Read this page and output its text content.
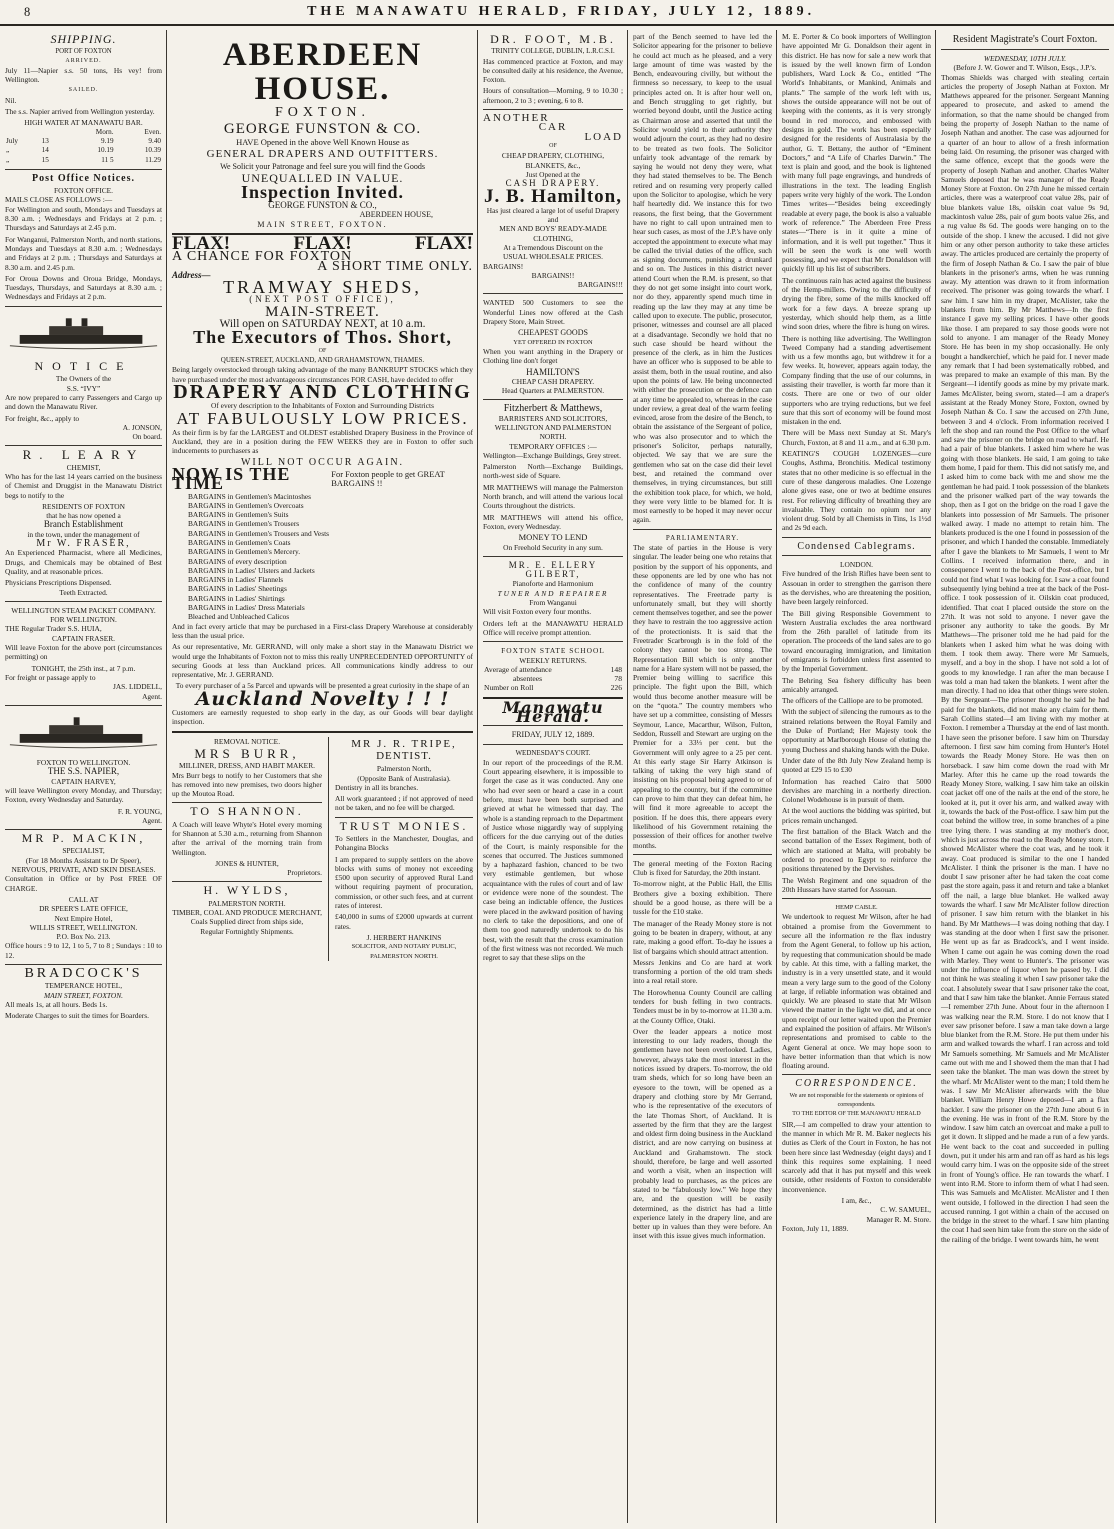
8	THE MANAWATU HERALD, FRIDAY, JULY 12, 1889.
SHIPPING.
PORT OF FOXTON
ARRIVED.

July 11—Napier s.s. 50 tons, Hs vey! from Wellington.

SAILED.

Nil.

The s.s. Napier arrived from Wellington yesterday.

HIGH WATER AT MANAWATU BAR.
		Morn.	Even.
July	13	9.19	9.40
„	14	10.19	10.39
„	15	11 5	11.29
Post Office Notices.
FOXTON OFFICE.
MAILS CLOSE AS FOLLOWS :—

For Wellington and south, Mondays and Tuesdays at 8.30 a.m. ; Wednesdays and Fridays at 2 p.m. ; Thursdays and Saturdays at 2.45 p.m.

For Wanganui, Palmerston North, and north stations, Mondays and Tuesdays at 8.30 a.m. ; Wednesdays and Fridays at 2 p.m. ; Thursdays and Saturdays at 8.30 a.m. and 2.45 p.m.

For Oroua Downs and Oroua Bridge, Mondays, Tuesdays, Thursdays, and Saturdays at 8.30 a.m. ; Wednesdays and Fridays at 2 p.m.

NOTICE
The Owners of the
S.S. “IVY”

Are now prepared to carry Passengers and Cargo up and down the Manawatu River.

For freight, &c., apply to
A. JONSON,
On board.
R. LEARY
CHEMIST,

Who has for the last 14 years carried on the business of Chemist and Druggist in the Manawatu District begs to notify to the

RESIDENTS OF FOXTON
that he has now opened a
Branch Establishment
in the town, under the management of
Mr W. FRASER,

An Experienced Pharmacist, where all Medicines, Drugs, and Chemicals may be obtained of Best Quality, and at reasonable prices.

Physicians Prescriptions Dispensed.
Teeth Extracted.
WELLINGTON STEAM PACKET COMPANY.
FOR WELLINGTON.
THE Regular Trader S.S. HUIA,
CAPTAIN FRASER.

Will leave Foxton for the above port (circumstances permitting) on

TONIGHT, the 25th inst., at 7 p.m.
For freight or passage apply to
JAS. LIDDELL,
Agent.
FOXTON TO WELLINGTON.
THE S.S. NAPIER,
CAPTAIN HARVEY,

will leave Wellington every Monday, and Thursday; Foxton, every Wednesday and Saturday.

F. R. YOUNG,
Agent.
MR P. MACKIN,
SPECIALIST,
(For 18 Months Assistant to Dr Speer),
NERVOUS, PRIVATE, AND SKIN DISEASES.

Consultation in Office or by Post FREE OF CHARGE.

CALL AT
DR SPEER'S LATE OFFICE,
Next Empire Hotel,
WILLIS STREET, WELLINGTON.
P.O. Box No. 213.

Office hours : 9 to 12, 1 to 5, 7 to 8 ; Sundays : 10 to 12.

BRADCOCK'S
TEMPERANCE HOTEL,
MAIN STREET, FOXTON.

All meals 1s, at all hours. Beds 1s.

Moderate Charges to suit the times for Boarders.

ABERDEEN HOUSE.
FOXTON.
GEORGE FUNSTON & CO.
HAVE Opened in the above Well Known House as
GENERAL DRAPERS AND OUTFITTERS.
We Solicit your Patronage and feel sure you will find the Goods
UNEQUALLED IN VALUE.
Inspection Invited.
GEORGE FUNSTON & CO.,
ABERDEEN HOUSE,
MAIN STREET, FOXTON.
FLAX!	FLAX!	FLAX!
A CHANCE FOR FOXTON
A SHORT TIME ONLY.
Address—
TRAMWAY SHEDS,
(NEXT POST OFFICE),
MAIN-STREET.
Will open on SATURDAY NEXT, at 10 a.m.
The Executors of Thos. Short,
OF
QUEEN-STREET, AUCKLAND, AND GRAHAMSTOWN, THAMES.

Being largely overstocked through taking advantage of the many BANKRUPT STOCKS which they have purchased under the most advantageous circumstances FOR CASH, have decided to offer

DRAPERY AND CLOTHING
Of every description to the Inhabitants of Foxton and Surrounding Districts
AT FABULOUSLY LOW PRICES.

As their firm is by far the LARGEST and OLDEST established Drapery Business in the Province of Auckland, they are in a position during the FEW WEEKS they are in Foxton to offer such inducements to purchasers as

WILL NOT OCCUR AGAIN.
NOW IS THE TIME	For Foxton people to get GREAT BARGAINS !!
BARGAINS in Gentlemen's Macintoshes
BARGAINS in Gentlemen's Overcoats
BARGAINS in Gentlemen's Suits
BARGAINS in Gentlemen's Trousers
BARGAINS in Gentlemen's Trousers and Vests
BARGAINS in Gentlemen's Coats
BARGAINS in Gentlemen's Mercery.
BARGAINS of every description
BARGAINS in Ladies' Ulsters and Jackets
BARGAINS in Ladies' Flannels
BARGAINS in Ladies' Sheetings
BARGAINS in Ladies' Shirtings
BARGAINS in Ladies' Dress Materials
Bleached and Unbleached Calicos

And in fact every article that may be purchased in a First-class Drapery Warehouse at considerably less than the usual price.

As our representative, Mr. GERRAND, will only make a short stay in the Manawatu District we would urge the Inhabitants of Foxton not to miss this really UNPRECEDENTED OPPORTUNITY of securing Goods at less than Auckland prices. All communications kindly address to our representative, Mr. J. GERRAND.

To every purchaser of a 5s Parcel and upwards will be presented a great curiosity in the shape of an
Auckland Novelty ! ! !

Customers are earnestly requested to shop early in the day, as our Goods will bear daylight inspection.

REMOVAL NOTICE.
MRS BURR,
MILLINER, DRESS, AND HABIT MAKER.

Mrs Burr begs to notify to her Customers that she has removed into new premises, two doors higher up the Moutoa Road.

TO SHANNON.

A Coach will leave Whyte's Hotel every morning for Shannon at 5.30 a.m., returning from Shannon after the arrival of the morning train from Wellington.

JONES & HUNTER,
Proprietors.
H. WYLDS,
PALMERSTON NORTH.
TIMBER, COAL AND PRODUCE MERCHANT,
Coals Supplied direct from ships side,
Regular Fortnightly Shipments.
MR J. R. TRIPE,
DENTIST.
Palmerston North,
(Opposite Bank of Australasia).

Dentistry in all its branches.

All work guaranteed ; if not approved of need not be taken, and no fee will be charged.

TRUST MONIES.

To Settlers in the Manchester, Douglas, and Pohangina Blocks

I am prepared to supply settlers on the above blocks with sums of money not exceeding £500 upon security of approved Rural Land without requiring payment of procuration, commission, or other such fees, and at current rates of interest.

£40,000 in sums of £2000 upwards at current rates.

J. HERBERT HANKINS
SOLICITOR, AND NOTARY PUBLIC,
PALMERSTON NORTH.
DR. FOOT, M.B.
TRINITY COLLEGE, DUBLIN, L.R.C.S.I.

Has commenced practice at Foxton, and may be consulted daily at his residence, the Avenue, Foxton.

Hours of consultation—Morning, 9 to 10.30 ; afternoon, 2 to 3 ; evening, 6 to 8.

ANOTHER
CAR
LOAD
OF
CHEAP DRAPERY, CLOTHING, BLANKETS, &c.,
Just Opened at the
CASH DRAPERY.
J. B. Hamilton,
Has just cleared a large lot of useful Drapery and
MEN AND BOYS' READY-MADE CLOTHING,
At a Tremendous Discount on the
USUAL WHOLESALE PRICES.
BARGAINS!
BARGAINS!!
BARGAINS!!!

WANTED 500 Customers to see the Wonderful Lines now offered at the Cash Drapery Store, Main Street.

CHEAPEST GOODS
YET OFFERED IN FOXTON

When you want anything in the Drapery or Clothing line don't forget

HAMILTON'S
CHEAP CASH DRAPERY.
Head Quarters at PALMERSTON.
Fitzherbert & Matthews,
BARRISTERS AND SOLICITORS,
WELLINGTON AND PALMERSTON NORTH.
TEMPORARY OFFICES :—

Wellington—Exchange Buildings, Grey street.

Palmerston North—Exchange Buildings, north-west side of Square.

MR MATTHEWS will manage the Palmerston North branch, and will attend the various local Courts throughout the districts.

MR MATTHEWS will attend his office, Foxton, every Wednesday.

MONEY TO LEND
On Freehold Security in any sum.
MR. E. ELLERY GILBERT,
Pianoforte and Harmonium
TUNER AND REPAIRER
From Wanganui

Will visit Foxton every four months.

Orders left at the MANAWATU HERALD Office will receive prompt attention.

FOXTON STATE SCHOOL
WEEKLY RETURNS.
Average of attendance	148
absentees	78
Number on Roll	226
Manawatu Herald.
FRIDAY, JULY 12, 1889.
WEDNESDAY'S COURT.

In our report of the proceedings of the R.M. Court appearing elsewhere, it is impossible to forget the case as it was conducted. Any one who had ever seen or heard a case in a court before, must have been both surprised and grieved at what he witnessed that day. The whole is a standing reproach to the Department of Justice whose niggardly way of supplying officers for the due carrying out of the duties of the Court, is mainly responsible for the scenes that occurred. The Justices summoned by a haphazard fashion, chanced to be two very estimable gentlemen, but whose acquaintance with the rules of court and of law or evidence were none of the soundest. The case being an indictable offence, the Justices were placed in the awkward position of having no clerk to take the depositions, and one of them too good naturedly undertook to do his best, with the result that the cross examination of the first witness was not recorded. We much regret to say that these slips on the

part of the Bench seemed to have led the Solicitor appearing for the prisoner to believe he could act much as he pleased, and a very large amount of time was wasted by the Bench, endeavouring civilly, but without the firmness so necessary, to keep to the usual principles acted on. It is after hour well on, and Bench struggling to get rightly, but worried beyond doubt, until the Justice acting as Chairman arose and asserted that until the Solicitor would yield to their authority they would adjourn the court, as they had no desire to be treated as two fools. The Solicitor unfairly took advantage of the remark by saying he would not deny they were, what they had stated themselves to be. The Bench retired and on resuming very properly called upon the Solicitor to apologise, which he very half heartedly did. We instance this for two reasons, the first being, that the Government have no right to call upon untrained men to hear such cases, as most of the J.P.'s have only accepted the appointment to execute what may be called the trivial duties of the office, such as signing documents, punishing a drunkard and so on. The Justices in this district never attend Court when the R.M. is present, so that they do not get some insight into court work, nor do they, apparently spend much time in reading up the law they may at any time be called upon to execute. The public, prosecutor, prisoner, witnesses and counsel are all placed at a disadvantage. Secondly we hold that no such case should be heard without the presence of the clerk, as in him the Justices have an officer who is supposed to be able to assist them, both in the usual routine, and also upon the points of law. He being unconnected with either the prosecution or the defence can at any time be appealed to, whereas in the case under review, a great deal of the warm feeling evinced, arose from the desire of the Bench, to obtain the assistance of the Sergeant of police, who was also prosecutor and to which the prisoner's Solicitor, perhaps naturally, objected. We say that we are sure the gentlemen who sat on the case did their level best, and retained the command over themselves, in trying circumstances, but still the exhibition took place, for which, we hold, they were very little to be blamed for. It is most earnestly to be hoped it may never occur again.

PARLIAMENTARY.

The state of parties in the House is very singular. The leader being one who retains that position by the support of his opponents, and these opponents are led by one who has not the confidence of many of the country representatives. The Freetrade party is unfortunately small, but they will shortly cement themselves together, and see the power they have to restrain the too aggressive action of the protectionists. It is said that the Freetrader Scarbrough is in the fold of the colony they cannot be too strong. The Representation Bill which is only another name for a Hare system will not be passed, the Premier being willing to sacrifice this principle. The fight upon the Bill, which would thus become another measure will be on the “quota.” The country members who have set up a committee, consisting of Messrs Seymour, Lance, Macarthur, Wilson, Fulton, Seddon, Russell and Stewart are urging on the Premier for a 33⅓ per cent. but the Government will only agree to a 25 per cent. At this early stage Sir Harry Atkinson is talking of taking the very high stand of insisting on his proposal being agreed to or of appealing to the country, but if the committee can prove to him that they can defeat him, he will find it more agreeable to accept the position. If he does this, there appears every likelihood of his Government retaining the possession of their offices for another twelve months.

The general meeting of the Foxton Racing Club is fixed for Saturday, the 20th instant.

To-morrow night, at the Public Hall, the Ellis Brothers give a boxing exhibition. There should be a good house, as there will be a tussle for the £10 stake.

The manager of the Ready Money store is not going to be beaten in drapery, without, at any rate, making a good effort. To-day he issues a list of bargains which should attract attention.

Messrs Jenkins and Co are hard at work transforming a portion of the old tram sheds into a real retail store.

The Horowhenua County Council are calling tenders for bush felling in two contracts. Tenders must be in by to-morrow at 11.30 a.m. at the County Office, Otaki.

Over the leader appears a notice most interesting to our lady readers, though the gentlemen have not been overlooked. Ladies, however, always take the most interest in the notices issued by drapers. To-morrow, the old tram sheds, which for so long have been an eyesore to the town, will be opened as a drapery and clothing store by Mr Gerrand, who is the representative of the executors of the late Thomas Short, of Auckland. It is asserted by the firm that they are the largest and oldest firm doing business in the Auckland district, and are now carrying on business at Auckland and Grahamstown. The stock should, therefore, be large and well assorted and worth a visit, when an inspection will probably lead to purchases, as the prices are stated to be “fabulously low.” We hope they are, and the question will be easily determined, as the district has had a little experience lately in the drapery line, and are better up in values than they were before. An inset with this issue gives much information.

M. E. Porter & Co book importers of Wellington have appointed Mr G. Donaldson their agent in this district. He has now for sale a new work that is issued by the well known firm of London publishers, Ward Lock & Co., entitled “The World's Inhabitants, or Mankind, Animals and plants.” The sample of the work left with us, shows the outside appearance will not be out of keeping with the contents, as it is very strongly bound in red morocco, and embossed with designs in gold. The work has been especially designed for the residents of Australasia by the author, G. T. Bettany, the author of “Eminent Doctors,” and “A Life of Charles Darwin.” The text is plain and good, and the book is lightened with many full page engravings, and hundreds of illustrations in the text. The leading English papers write very highly of the work. The London Times writes—“Besides being exceedingly readable at every page, the book is also a valuable work of reference.” The Aberdeen Free Press states—“There is in it quite a mine of information, and it is well put together.” Thus it will be seen the work is one well worth possessing, and we expect that Mr Donaldson will quickly fill up his list of subscribers.

The continuous rain has acted against the business of the Hemp-millers. Owing to the difficulty of drying the fibre, some of the mills knocked off work for a few days. A breeze sprang up yesterday, which should help them, as a little wind soon dries, where the fibre is hung on wires.

There is nothing like advertising. The Wellington Tweed Company had a standing advertisement with us a few months ago, but withdrew it for a few weeks. It, however, appears again today, the Company finding that the use of our columns, in assisting their traveller, is worth far more than it costs. There are one or two of our older supporters who are trying reductions, but we feel sure that this sort of economy will be found most mistaken in the end.

There will be Mass next Sunday at St. Mary's Church, Foxton, at 8 and 11 a.m., and at 6.30 p.m.

KEATING'S COUGH LOZENGES—cure Coughs, Asthma, Bronchitis. Medical testimony states that no other medicine is so effectual in the cure of these dangerous maladies. One Lozenge alone gives ease, one or two at bedtime ensures rest. For relieving difficulty of breathing they are invaluable. They contain no opium nor any violent drug. Sold by all Chemists in Tins, 1s 1½d and 2s 9d each.

Condensed Cablegrams.
LONDON.

Five hundred of the Irish Rifles have been sent to Assouan in order to strengthen the garrison there as the dervishes, who are threatening the position, have been largely reinforced.

The Bill giving Responsible Government to Western Australia excludes the area northward from the 26th parallel of latitude from its operation. The proceeds of the land sales are to go toward encouraging immigration, and limitation of emigrants is forbidden unless first assented to by the Imperial Government.

The Behring Sea fishery difficulty has been amicably arranged.

The officers of the Calliope are to be promoted.

With the subject of silencing the rumours as to the strained relations between the Royal Family and the Duke of Portland; Her Majesty took the opportunity at Marlborough House of eluting the young Duchess and shaking hands with the Duke.

Under date of the 8th July New Zealand hemp is quoted at £29 15 to £30

Information has reached Cairo that 5000 dervishes are marching in a northerly direction. Colonel Wodehouse is in pursuit of them.

At the wool auctions the bidding was spirited, but prices remain unchanged.

The first battalion of the Black Watch and the second battalion of the Essex Regiment, both of which are stationed at Malta, will probably be ordered to proceed to Egypt to reinforce the positions threatened by the Dervishes.

The Welsh Regiment and one squadron of the 20th Hussars have started for Assouan.

HEMP CABLE.

We undertook to request Mr Wilson, after he had obtained a promise from the Government to secure all the information re the flax industry from the Agent General, to follow up his action, by requesting that communication should be made by cable. At this time, with a falling market, the industry is in a very unsettled state, and it would mean a very large sum to the good of the Colony at large, if reliable information was obtained and quickly. We are pleased to state that Mr Wilson viewed the matter in the light we did, and at once upon receipt of our letter waited upon the Premier and explained the position of affairs. Mr Wilson's representations and promised to cable to the Agent General at once. We may hope soon to have better information than that which is now floating around.

CORRESPONDENCE.
We are not responsible for the statements or opinions of correspondents.
TO THE EDITOR OF THE MANAWATU HERALD

SIR,—I am compelled to draw your attention to the manner in which Mr R. M. Baker neglects his duties as Clerk of the Court in Foxton, he has not been here since last Wednesday (eight days) and I think this requires some explaining. I need scarcely add that it has put myself and this week outside, other residents of Foxton to considerable inconvenience.

I am, &c.,
C. W. SAMUEL,
Manager R. M. Store.
Foxton, July 11, 1889.
Resident Magistrate's Court Foxton.
WEDNESDAY, 10TH JULY.
(Before J. W. Gower and T. Wilson, Esqs., J.P.'s.

Thomas Shields was charged with stealing certain articles the property of Joseph Nathan at Foxton. Mr Matthews appeared for the prisoner. Sergeant Manning appeared to prosecute, and asked to amend the information, so that the name should be changed from being the property of Joseph Nathan to the name of Joseph Nathan and another. The case was adjourned for a quarter of an hour to allow of a fresh information being laid. On resuming, the prisoner was charged with the same offence, except that the goods were the property of Joseph Nathan and another. Charles Walter Samuels deposed that he was manager of the Ready Money Store at Foxton. On 27th June he missed certain articles, there was a waterproof coat value 28s, pair of blue blankets value 18s, oilskin coat value 9s 9d, mackintosh value 28s, pair of gum boots value 26s, and a rug value 8s 6d. The goods were hanging on to the outside of the shop. I knew the accused. I did not give him or any other person authority to take these articles away. The articles produced are certainly the property of the firm of Joseph Nathan & Co. I saw the pair of blue blankets in the prisoner's arms, when he was running away. My attention was drawn to it from information received. The prisoner was going towards the wharf. I saw him. I saw him in my draper, McAlister, take the blankets from him. By Mr Matthews—In the first instance I gave my selling prices. I have other goods like those. I am prepared to say those goods were not sold to anyone. I am manager of the Ready Money Store. He has been in my shop occasionally. He only bought a handkerchief, which he paid for. I never made any remark that I had been systematically robbed, and was prepared to make an example of this man. By the Sergeant—I identify goods as mine by my private mark. James McAlister, being sworn, stated—I am a draper's assistant at the Ready Money Store, Foxton, owned by Joseph Nathan & Co. I saw the accused on 27th June, between 3 and 4 o'clock. From information received I left the shop and ran round the Post Office to the wharf and saw the prisoner on the bridge on road to wharf. He had a pair of blue blankets. I asked him where he was going with those blankets. He said, I am going to take them home, I paid for them. This did not satisfy me, and I asked him to come back with me and show me the gentleman he had paid. I took possession of the blankets and the prisoner walked part of the way towards the shop, then as I got on the bridge on the road I gave the blankets into possession of Mr Samuels. The prisoner walked away. I made no attempt to retain him. The blankets produced is the one I found in possession of the prisoner, and which I handed the constable. Immediately after I gave the blankets to Mr Samuels, I went to Mr Collins. I received information there, and in consequence I went to the back of the Post-office, but I could not find what I was looking for. I saw a coat found subsequently lying behind a tree at the back of the Post-office. I took possession of it. Oilskin coat produced, identified. That coat I placed outside the store on the 27th. It was not sold to anyone. I never gave the prisoner any authority to take the goods. By Mr Matthews—The prisoner told me he had paid for the blankets when I asked him what he was doing with them. I took them away. There were Mr Samuels, myself, and a boy in the shop. I have not sold a lot of goods to my knowledge. I ran after the man because I was told a man had taken the blankets. I went after the man directly. I had no idea that other things were stolen. By the Sergeant—The prisoner thought he said he had paid for the blankets, did not make any claim for them. Sarah Collins stated—I am living with my mother at Foxton. I remember a Thursday at the end of last month. I have seen the prisoner before. I saw him on Thursday afternoon. I first saw him coming from Hunter's Hotel towards the Ready Money Store. He was then on horseback. I saw him come down the road with Mr Marley. After this he came up the road towards the Ready Money Store, walking. I saw him take an oilskin coat jacket off one of the nails at the end of the store, he looked at it, put it over his arm, and walked away with it, towards the back of the Post-office. I saw him put the coat behind the willow tree, in some branches of a pine tree lying there. I was standing at my mother's door, which is just across the road to the Ready Money store. I showed McAlister where the coat was, and he took it away. Coat produced is similar to the one I handed McAlister. I think the prisoner is the man. I have no doubt I saw prisoner after he had taken the coat come past the store again, pass it and return and take a blanket off the nail, a large blue blanket. He walked away towards the wharf. I saw Mr McAlister follow direction of prisoner. I saw him return with the blanket in his hand. By Mr Matthews—I was doing nothing that day. I was standing at the door when I first saw the prisoner. He went up as far as Bradcock's, and I went inside. When I came out again he was coming down the road with Marley. They went to Hunter's. The prisoner was under the influence of liquor when he passed by. I did not think he was stealing it when I saw prisoner take the coat. I absolutely swear that I saw prisoner take the coat, and that I saw him take the blanket. Annie Ferraus stated—I remember 27th June. About four in the afternoon I was walking near the R.M. Store. I do not know that I ever saw prisoner before. I saw a man take down a large blue blanket from the R.M. Store. He put them under his arm and walked towards the wharf. I ran across and told Mr Samuels something. Mr Samuels and Mr McAlister came out with me and I showed them the man that I had seen take the blanket. The man was down the street by the wharf. Mr McAlister went to the man; I told them he was. I saw Mr McAlister afterwards with the blue blanket. William Henry Howe deposed—I am a flax hackler. I saw the prisoner on the 27th June about 6 in the evening. He was in front of the R.M. Store by the window. I saw him catch an overcoat and make a pull to get it down. It slipped and he made a run of a few yards. He went back to the coat and succeeded in pulling down, put it under his arm and ran off as hard as his legs would carry him. I was on the opposite side of the street in front of Young's office. He ran towards the wharf. I went into R.M. Store to inform them of what I had seen. This was Samuels and McAlister. McAlister and I then went outside, I followed in the direction I had seen the accused running. I got within a chain of the accused on the bridge in the street to the wharf. I saw him planting the coat I had seen him take from the store on the side of the railing of the bridge. I went towards him, he went
